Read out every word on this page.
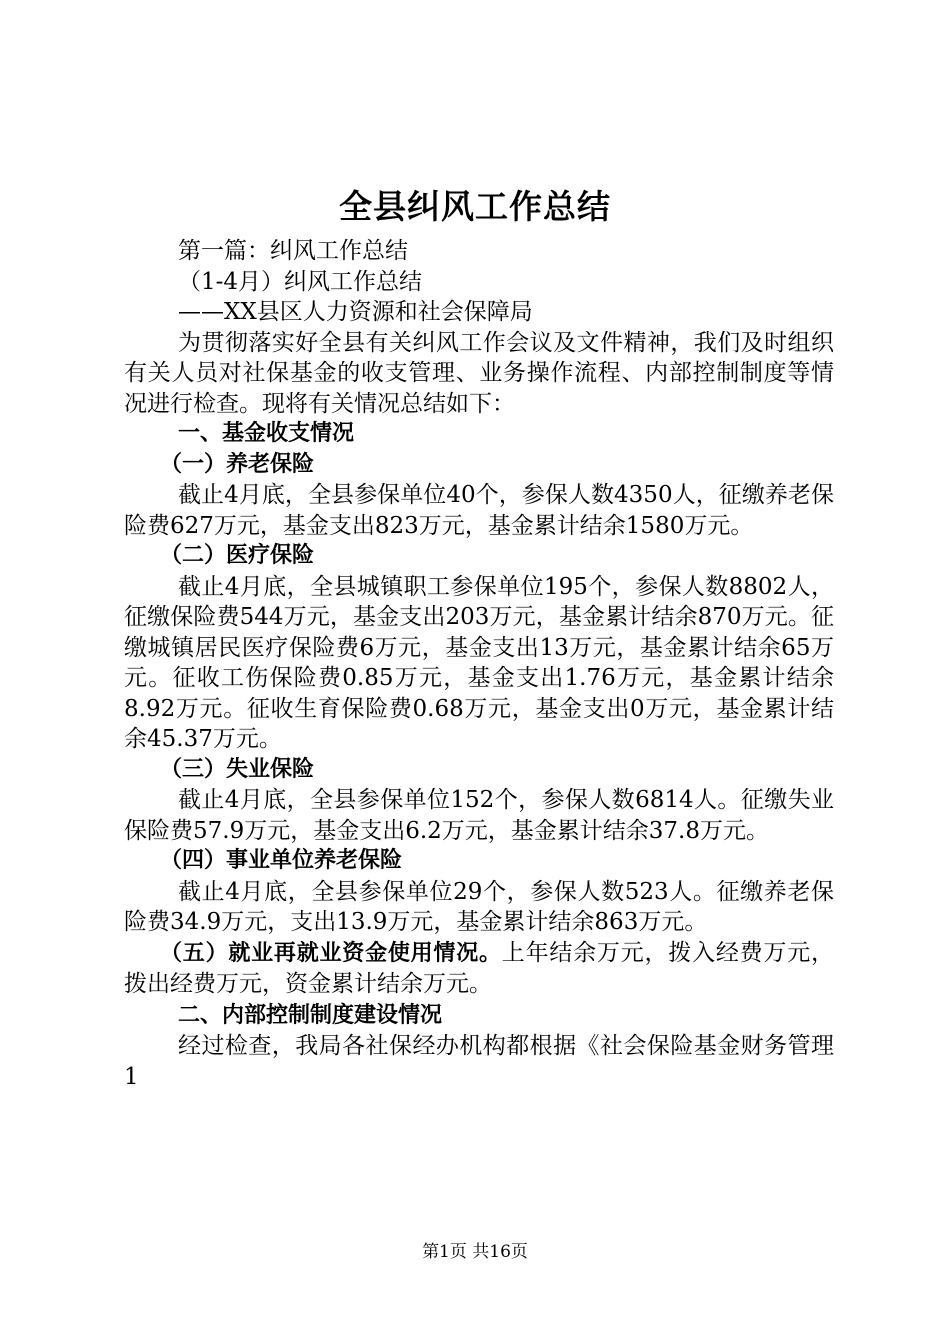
全县纠风工作总结

第一篇：纠风工作总结

（1-4月）纠风工作总结

——XX县区人力资源和社会保障局

为贯彻落实好全县有关纠风工作会议及文件精神，我们及时组织有关人员对社保基金的收支管理、业务操作流程、内部控制制度等情况进行检查。现将有关情况总结如下：

一、基金收支情况

（一）养老保险

截止4月底，全县参保单位40个，参保人数4350人，征缴养老保险费627万元，基金支出823万元，基金累计结余1580万元。

（二）医疗保险

截止4月底，全县城镇职工参保单位195个，参保人数8802人，征缴保险费544万元，基金支出203万元，基金累计结余870万元。征缴城镇居民医疗保险费6万元，基金支出13万元，基金累计结余65万元。征收工伤保险费0.85万元，基金支出1.76万元，基金累计结余8.92万元。征收生育保险费0.68万元，基金支出0万元，基金累计结余45.37万元。

（三）失业保险

截止4月底，全县参保单位152个，参保人数6814人。征缴失业保险费57.9万元，基金支出6.2万元，基金累计结余37.8万元。

（四）事业单位养老保险

截止4月底，全县参保单位29个，参保人数523人。征缴养老保险费34.9万元，支出13.9万元，基金累计结余863万元。

（五）就业再就业资金使用情况。上年结余万元，拨入经费万元，拨出经费万元，资金累计结余万元。

二、内部控制制度建设情况

经过检查，我局各社保经办机构都根据《社会保险基金财务管理1

第1页 共16页
